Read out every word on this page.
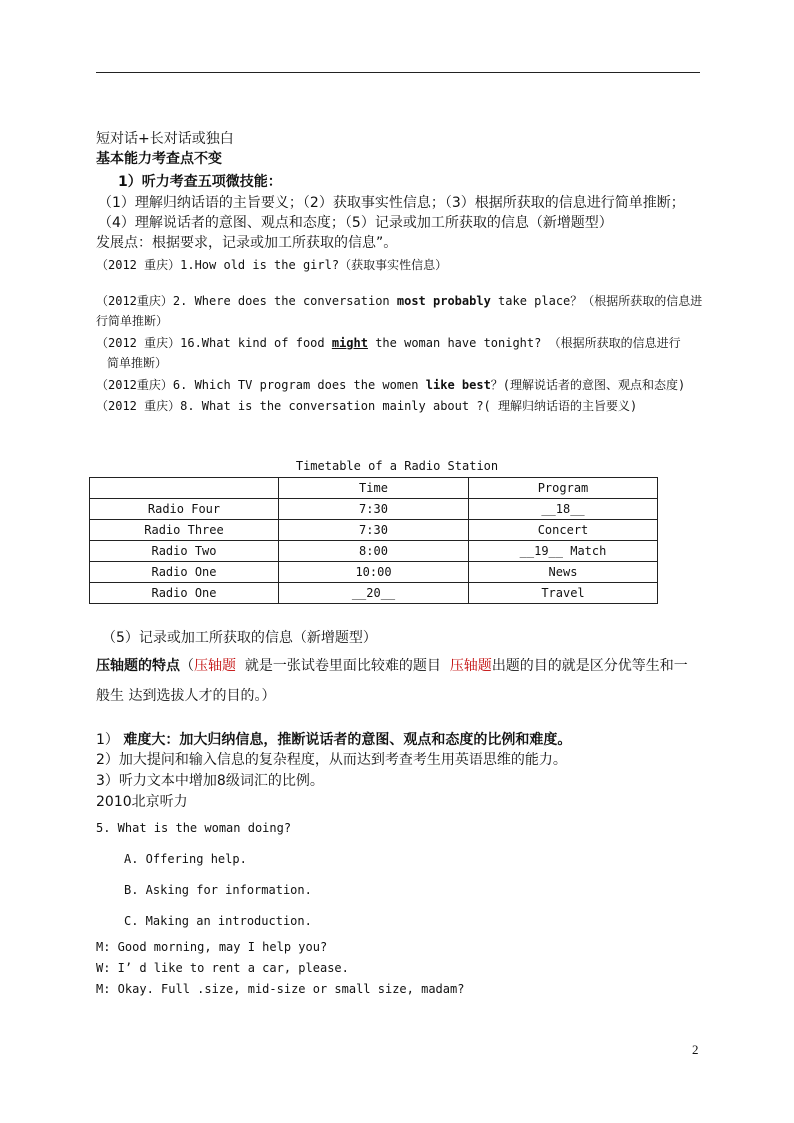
短对话+长对话或独白
基本能力考查点不变
1）听力考查五项微技能：
（1）理解归纳话语的主旨要义；（2）获取事实性信息；（3）根据所获取的信息进行简单推断；
（4）理解说话者的意图、观点和态度；（5）记录或加工所获取的信息（新增题型）
发展点：根据要求，记录或加工所获取的信息”。
（2012 重庆）1.How old is the girl?（获取事实性信息）
（2012重庆）2. Where does the conversation most probably take place？（根据所获取的信息进
行简单推断）
（2012 重庆）16.What kind of food might the woman have tonight? （根据所获取的信息进行
简单推断）
（2012重庆）6. Which TV program does the women like best？(理解说话者的意图、观点和态度)
（2012 重庆）8. What is the conversation mainly about ?( 理解归纳话语的主旨要义)
Timetable of a Radio Station
	Time	Program
Radio Four	7:30	__18__
Radio Three	7:30	Concert
Radio Two	8:00	__19__ Match
Radio One	10:00	News
Radio One	__20__	Travel
（5）记录或加工所获取的信息（新增题型）
压轴题的特点（压轴题  就是一张试卷里面比较难的题目  压轴题出题的目的就是区分优等生和一
般生 达到选拔人才的目的。）
1） 难度大：加大归纳信息，推断说话者的意图、观点和态度的比例和难度。
2）加大提问和输入信息的复杂程度，从而达到考查考生用英语思维的能力。
3）听力文本中增加8级词汇的比例。
2010北京听力
5. What is the woman doing?
A. Offering help.
B. Asking for information.
C. Making an introduction.
M: Good morning, may I help you?
W: I’ d like to rent a car, please.
M: Okay. Full .size, mid-size or small size, madam?
2
